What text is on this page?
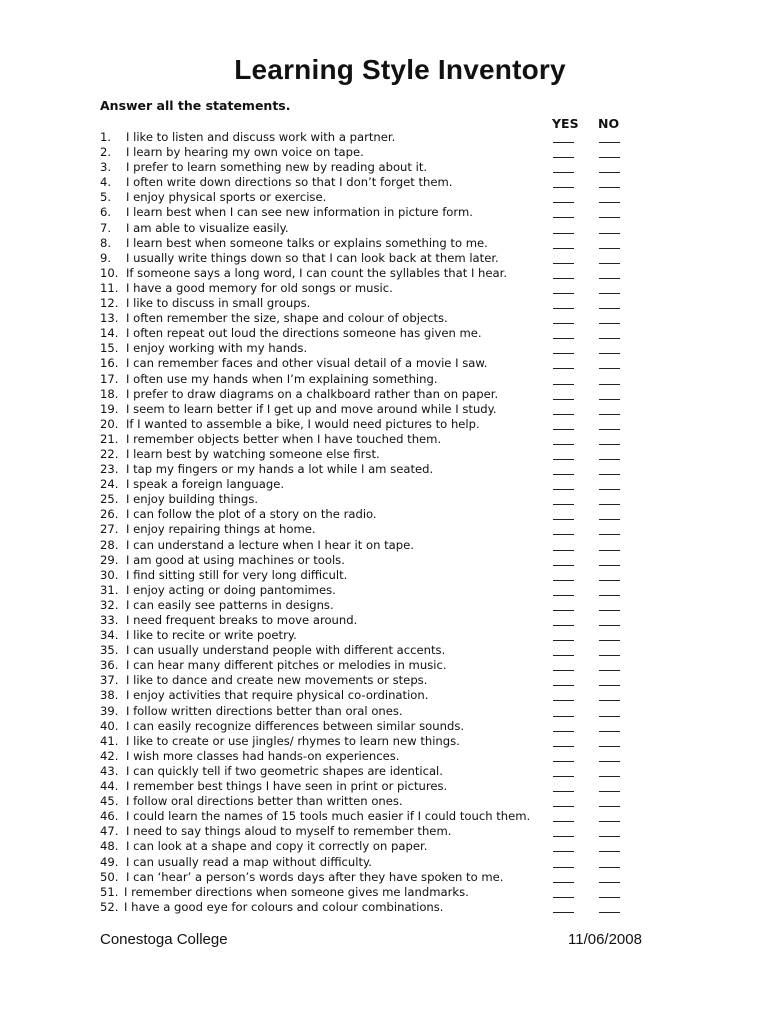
Learning Style Inventory
Answer all the statements.
YES NO
1. I like to listen and discuss work with a partner.
2. I learn by hearing my own voice on tape.
3. I prefer to learn something new by reading about it.
4. I often write down directions so that I don’t forget them.
5. I enjoy physical sports or exercise.
6. I learn best when I can see new information in picture form.
7. I am able to visualize easily.
8. I learn best when someone talks or explains something to me.
9. I usually write things down so that I can look back at them later.
10. If someone says a long word, I can count the syllables that I hear.
11. I have a good memory for old songs or music.
12. I like to discuss in small groups.
13. I often remember the size, shape and colour of objects.
14. I often repeat out loud the directions someone has given me.
15. I enjoy working with my hands.
16. I can remember faces and other visual detail of a movie I saw.
17. I often use my hands when I’m explaining something.
18. I prefer to draw diagrams on a chalkboard rather than on paper.
19. I seem to learn better if I get up and move around while I study.
20. If I wanted to assemble a bike, I would need pictures to help.
21. I remember objects better when I have touched them.
22. I learn best by watching someone else first.
23. I tap my fingers or my hands a lot while I am seated.
24. I speak a foreign language.
25. I enjoy building things.
26. I can follow the plot of a story on the radio.
27. I enjoy repairing things at home.
28. I can understand a lecture when I hear it on tape.
29. I am good at using machines or tools.
30. I find sitting still for very long difficult.
31. I enjoy acting or doing pantomimes.
32. I can easily see patterns in designs.
33. I need frequent breaks to move around.
34. I like to recite or write poetry.
35. I can usually understand people with different accents.
36. I can hear many different pitches or melodies in music.
37. I like to dance and create new movements or steps.
38. I enjoy activities that require physical co-ordination.
39. I follow written directions better than oral ones.
40. I can easily recognize differences between similar sounds.
41. I like to create or use jingles/ rhymes to learn new things.
42. I wish more classes had hands-on experiences.
43. I can quickly tell if two geometric shapes are identical.
44. I remember best things I have seen in print or pictures.
45. I follow oral directions better than written ones.
46. I could learn the names of 15 tools much easier if I could touch them.
47. I need to say things aloud to myself to remember them.
48. I can look at a shape and copy it correctly on paper.
49. I can usually read a map without difficulty.
50. I can ‘hear’ a person’s words days after they have spoken to me.
51. I remember directions when someone gives me landmarks.
52. I have a good eye for colours and colour combinations.
Conestoga College	11/06/2008
